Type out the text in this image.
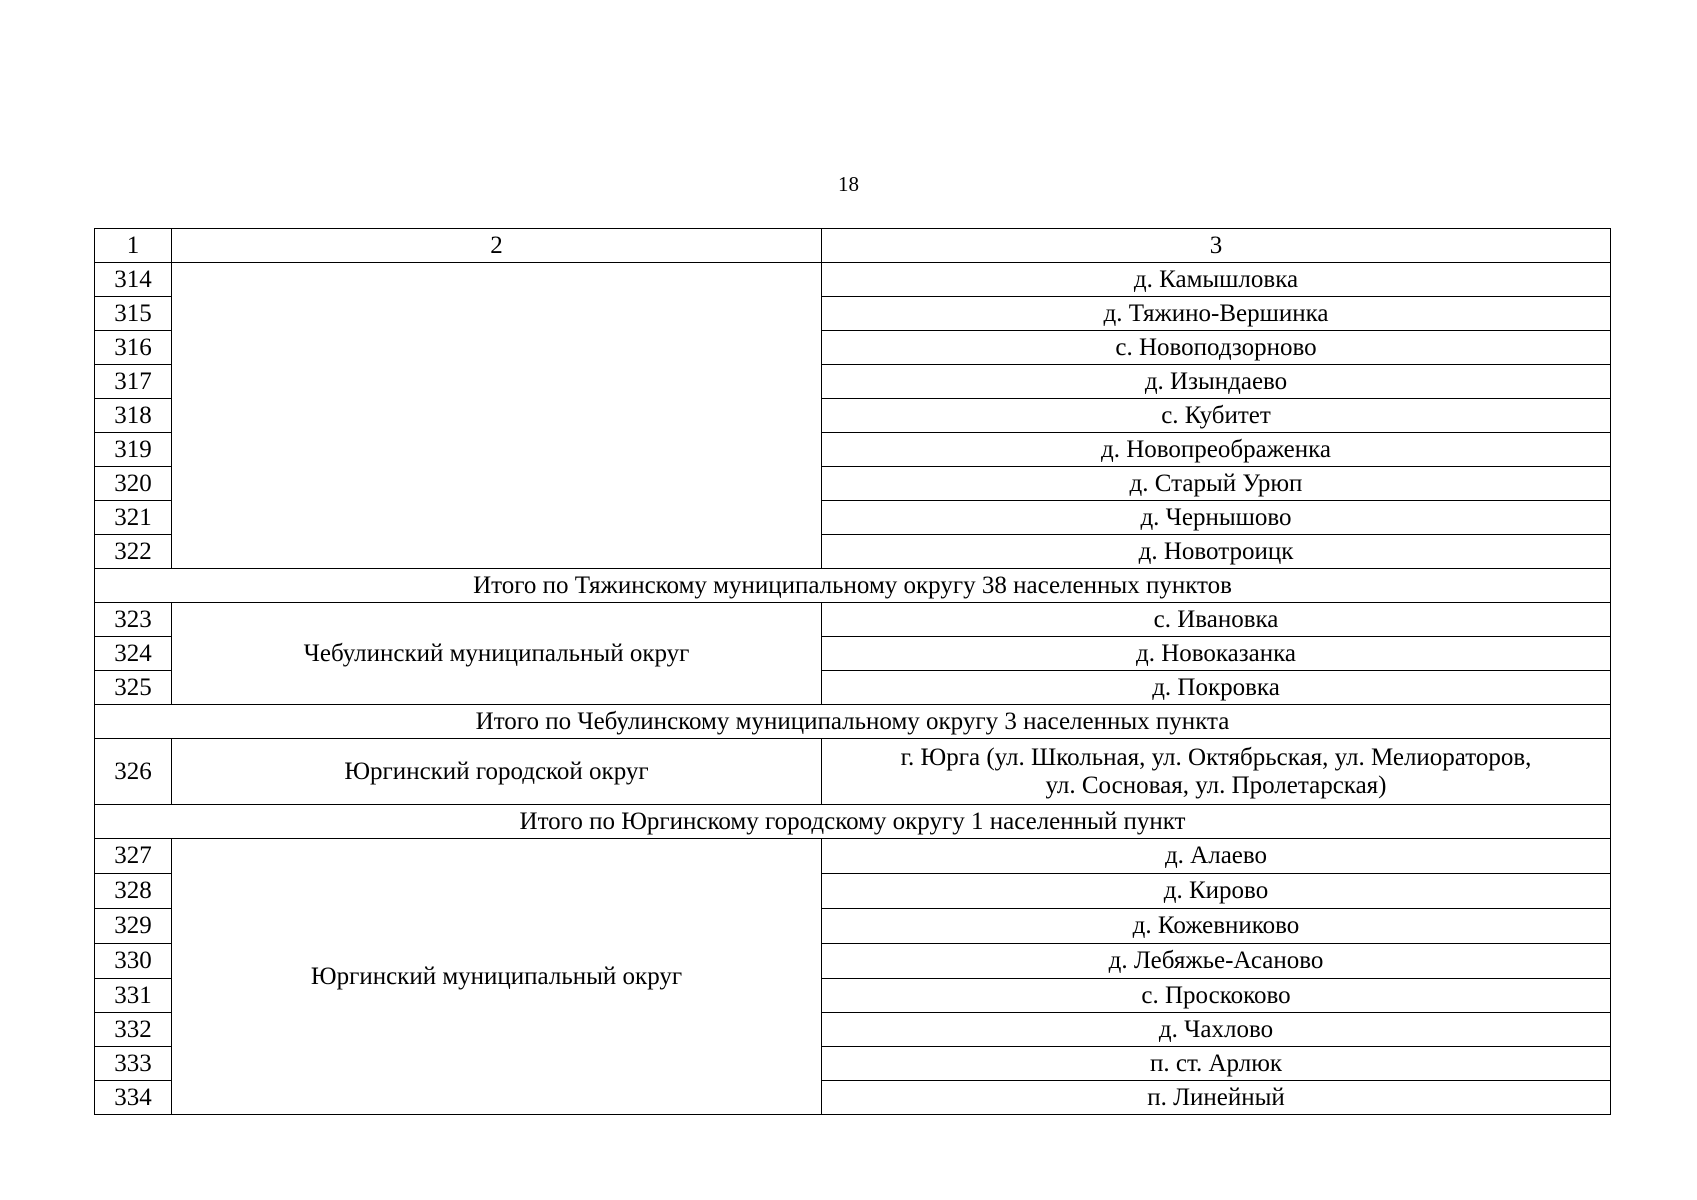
18
1	2	3
314		д. Камышловка
315		д. Тяжино-Вершинка
316		с. Новоподзорново
317		д. Изындаево
318		с. Кубитет
319		д. Новопреображенка
320		д. Старый Урюп
321		д. Чернышово
322		д. Новотроицк
Итого по Тяжинскому муниципальному округу 38 населенных пунктов		
323	Чебулинский муниципальный округ	с. Ивановка
324		д. Новоказанка
325		д. Покровка
Итого по Чебулинскому муниципальному округу 3 населенных пункта		
326	Юргинский городской округ	г. Юрга (ул. Школьная, ул. Октябрьская, ул. Мелиораторов,
ул. Сосновая, ул. Пролетарская)

Итого по Юргинскому городскому округу 1 населенный пункт		
327	Юргинский муниципальный округ	д. Алаево
328		д. Кирово
329		д. Кожевниково
330		д. Лебяжье-Асаново
331		с. Проскоково
332		д. Чахлово
333		п. ст. Арлюк
334		п. Линейный
